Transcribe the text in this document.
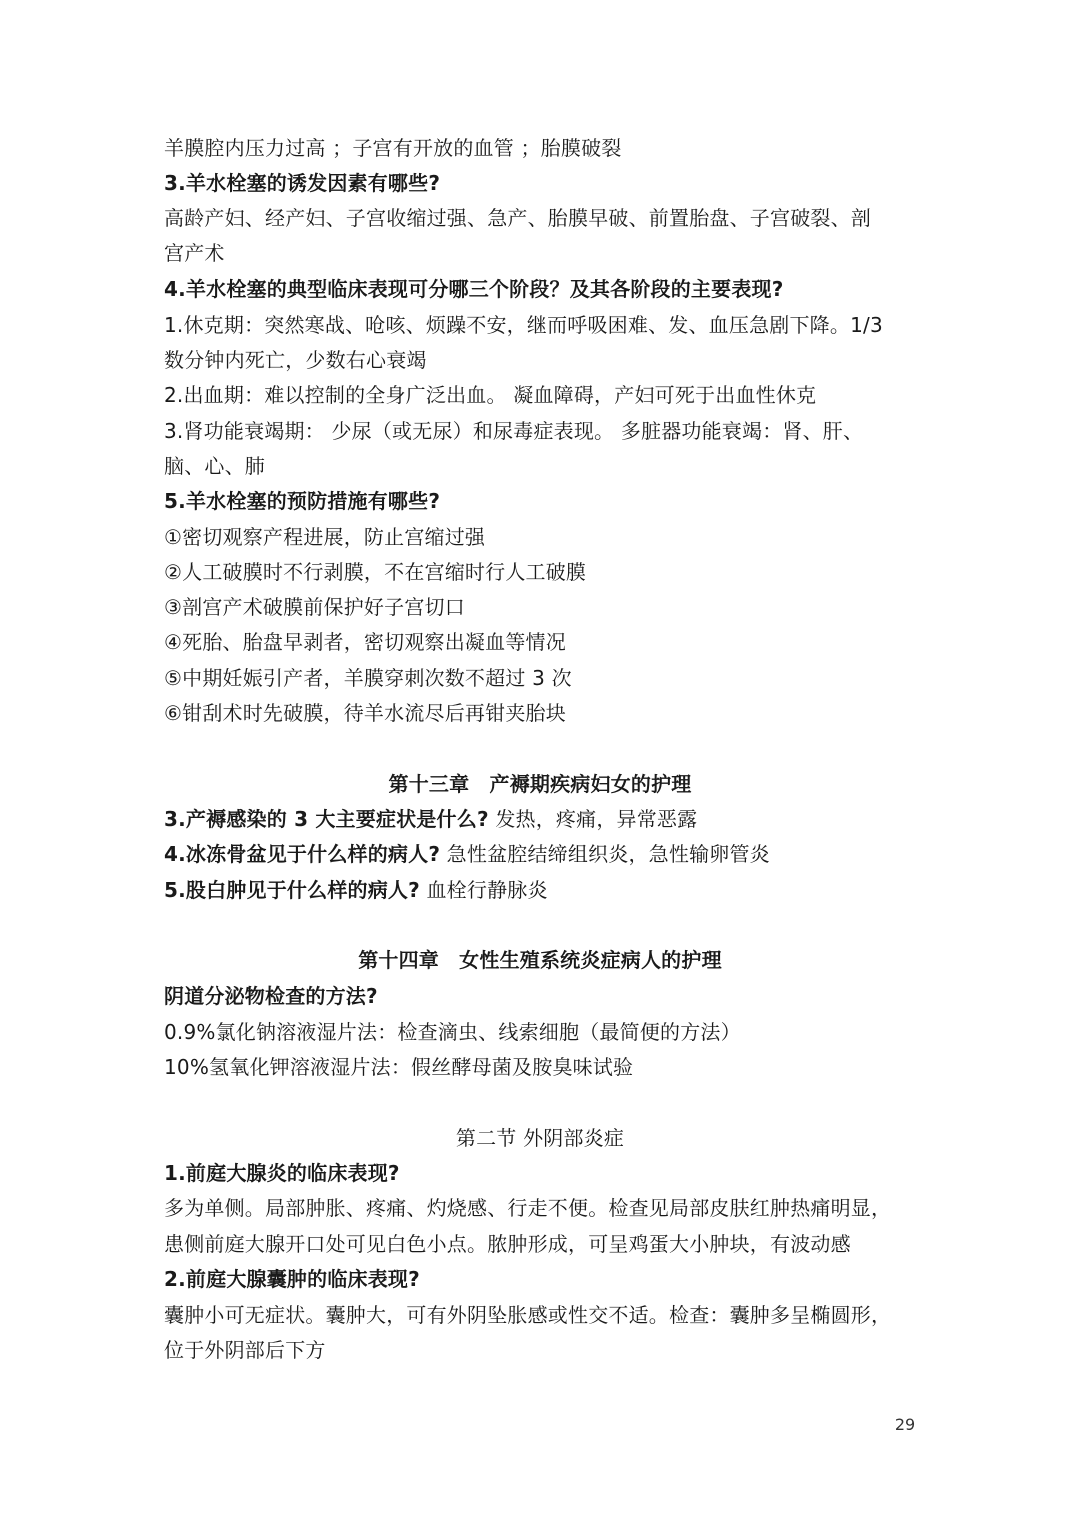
羊膜腔内压力过高 ；子宫有开放的血管 ；胎膜破裂
3.羊水栓塞的诱发因素有哪些?
高龄产妇、经产妇、子宫收缩过强、急产、胎膜早破、前置胎盘、子宫破裂、剖
宫产术
4.羊水栓塞的典型临床表现可分哪三个阶段？及其各阶段的主要表现?
1.休克期：突然寒战、呛咳、烦躁不安，继而呼吸困难、发、血压急剧下降。1/3
数分钟内死亡，少数右心衰竭
2.出血期：难以控制的全身广泛出血。 凝血障碍，产妇可死于出血性休克
3.肾功能衰竭期： 少尿（或无尿）和尿毒症表现。 多脏器功能衰竭：肾、肝、
脑、心、肺
5.羊水栓塞的预防措施有哪些?
①密切观察产程进展，防止宫缩过强
②人工破膜时不行剥膜，不在宫缩时行人工破膜
③剖宫产术破膜前保护好子宫切口
④死胎、胎盘早剥者，密切观察出凝血等情况
⑤中期妊娠引产者，羊膜穿刺次数不超过 3 次
⑥钳刮术时先破膜，待羊水流尽后再钳夹胎块
第十三章　产褥期疾病妇女的护理
3.产褥感染的 3 大主要症状是什么? 发热，疼痛，异常恶露
4.冰冻骨盆见于什么样的病人? 急性盆腔结缔组织炎，急性输卵管炎
5.股白肿见于什么样的病人? 血栓行静脉炎
第十四章　女性生殖系统炎症病人的护理
阴道分泌物检查的方法?
0.9%氯化钠溶液湿片法：检查滴虫、线索细胞（最简便的方法）
10%氢氧化钾溶液湿片法：假丝酵母菌及胺臭味试验
第二节 外阴部炎症
1.前庭大腺炎的临床表现?
多为单侧。局部肿胀、疼痛、灼烧感、行走不便。检查见局部皮肤红肿热痛明显，
患侧前庭大腺开口处可见白色小点。脓肿形成，可呈鸡蛋大小肿块，有波动感
2.前庭大腺囊肿的临床表现?
囊肿小可无症状。囊肿大，可有外阴坠胀感或性交不适。检查：囊肿多呈椭圆形，
位于外阴部后下方
29
